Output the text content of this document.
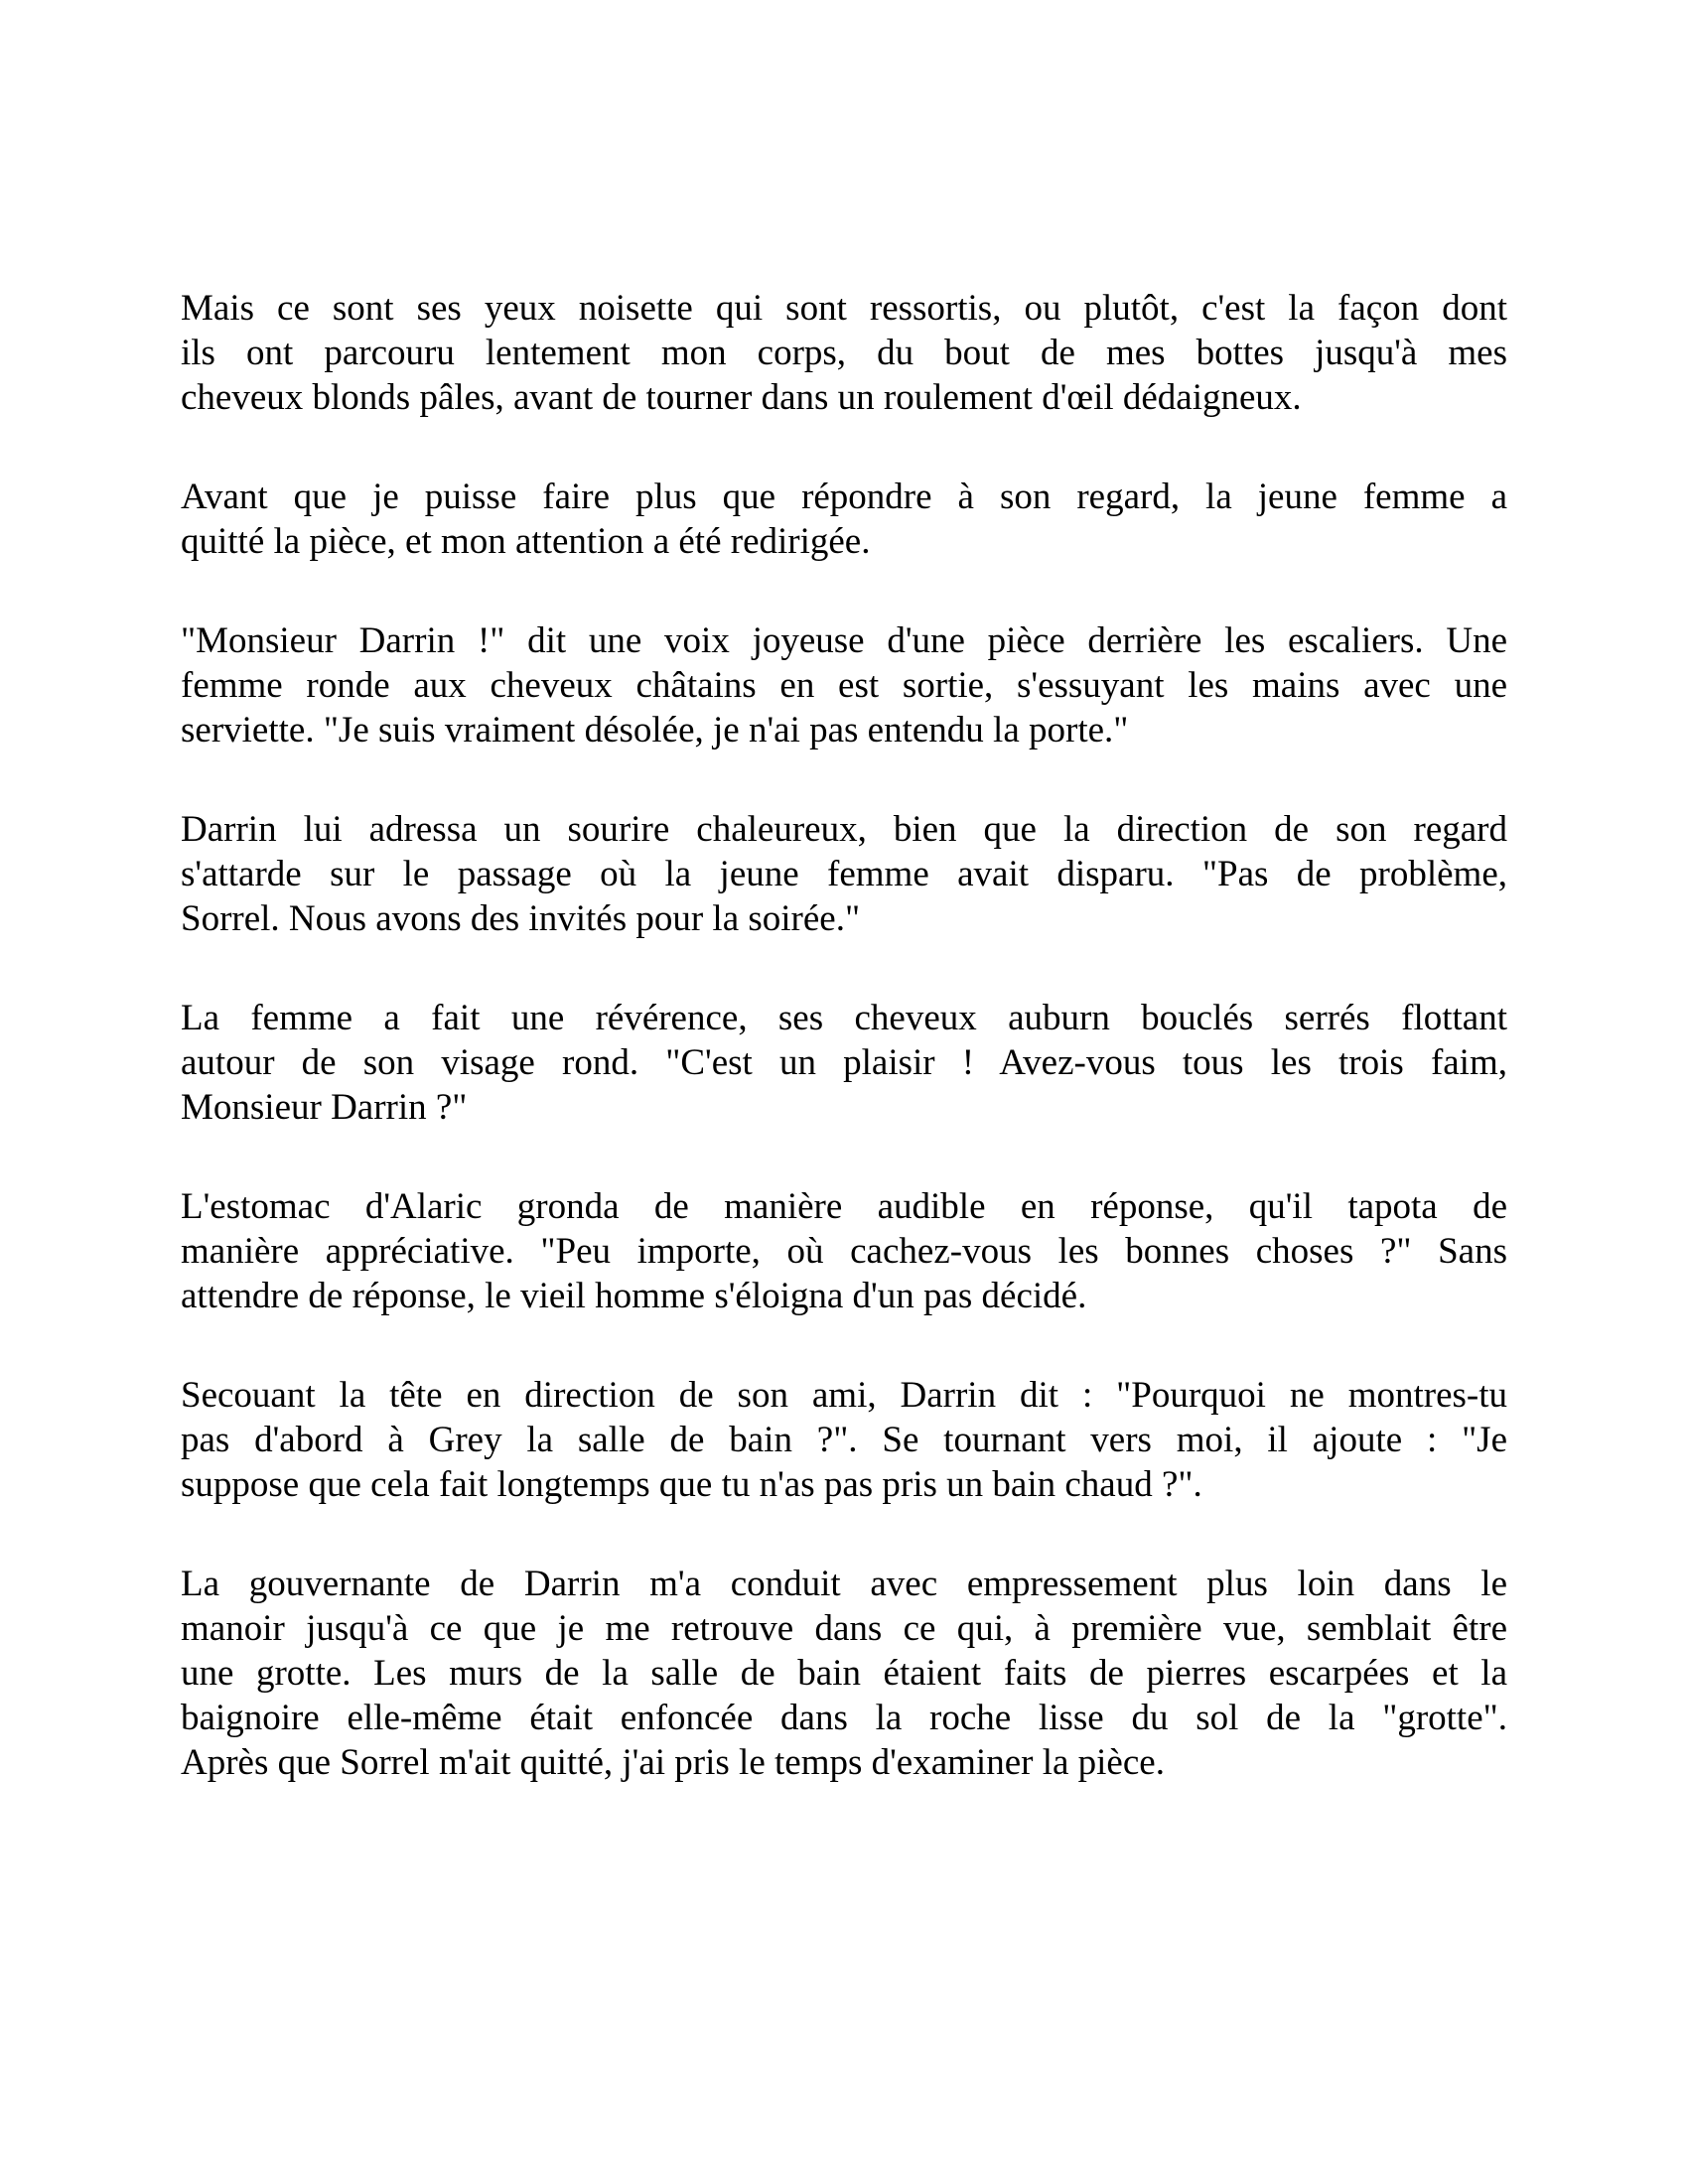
Mais ce sont ses yeux noisette qui sont ressortis, ou plutôt, c'est la façon dont
ils ont parcouru lentement mon corps, du bout de mes bottes jusqu'à mes
cheveux blonds pâles, avant de tourner dans un roulement d'œil dédaigneux.
Avant que je puisse faire plus que répondre à son regard, la jeune femme a
quitté la pièce, et mon attention a été redirigée.
"Monsieur Darrin !" dit une voix joyeuse d'une pièce derrière les escaliers. Une
femme ronde aux cheveux châtains en est sortie, s'essuyant les mains avec une
serviette. "Je suis vraiment désolée, je n'ai pas entendu la porte."
Darrin lui adressa un sourire chaleureux, bien que la direction de son regard
s'attarde sur le passage où la jeune femme avait disparu. "Pas de problème,
Sorrel. Nous avons des invités pour la soirée."
La femme a fait une révérence, ses cheveux auburn bouclés serrés flottant
autour de son visage rond. "C'est un plaisir ! Avez-vous tous les trois faim,
Monsieur Darrin ?"
L'estomac d'Alaric gronda de manière audible en réponse, qu'il tapota de
manière appréciative. "Peu importe, où cachez-vous les bonnes choses ?" Sans
attendre de réponse, le vieil homme s'éloigna d'un pas décidé.
Secouant la tête en direction de son ami, Darrin dit : "Pourquoi ne montres-tu
pas d'abord à Grey la salle de bain ?". Se tournant vers moi, il ajoute : "Je
suppose que cela fait longtemps que tu n'as pas pris un bain chaud ?".
La gouvernante de Darrin m'a conduit avec empressement plus loin dans le
manoir jusqu'à ce que je me retrouve dans ce qui, à première vue, semblait être
une grotte. Les murs de la salle de bain étaient faits de pierres escarpées et la
baignoire elle-même était enfoncée dans la roche lisse du sol de la "grotte".
Après que Sorrel m'ait quitté, j'ai pris le temps d'examiner la pièce.
